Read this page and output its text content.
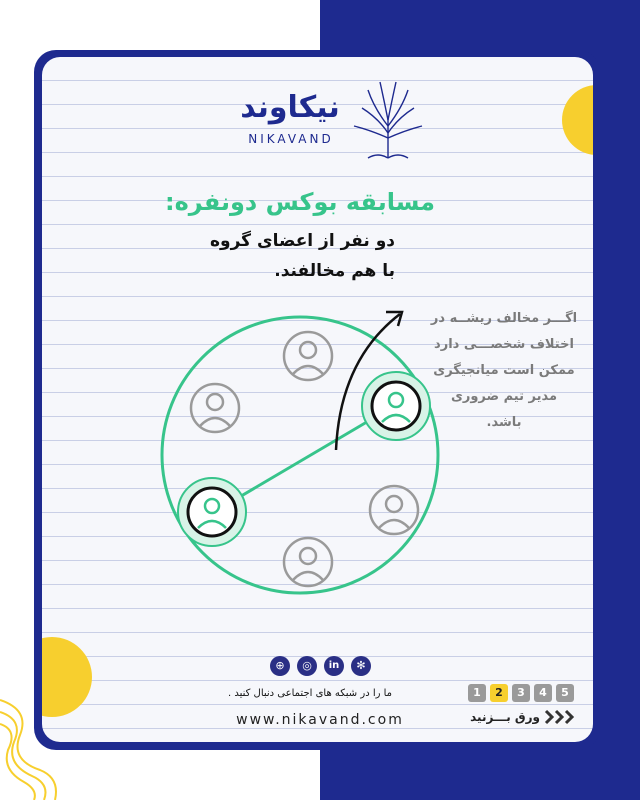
نیکاوند
NIKAVAND
مسابقه بوکس دونفره:
دو نفر از اعضای گروه
با هم مخالفند.
اگـــر مخالف ریشــه در
اختلاف شخصـــی دارد
ممکن است میانجیگری
مدیر تیم ضروری
باشد.
⊕	◎	in	✻
ما را در شبکه های اجتماعی دنبال کنید .
www.nikavand.com
1	2	3	4	5
ورق بـــزنید
